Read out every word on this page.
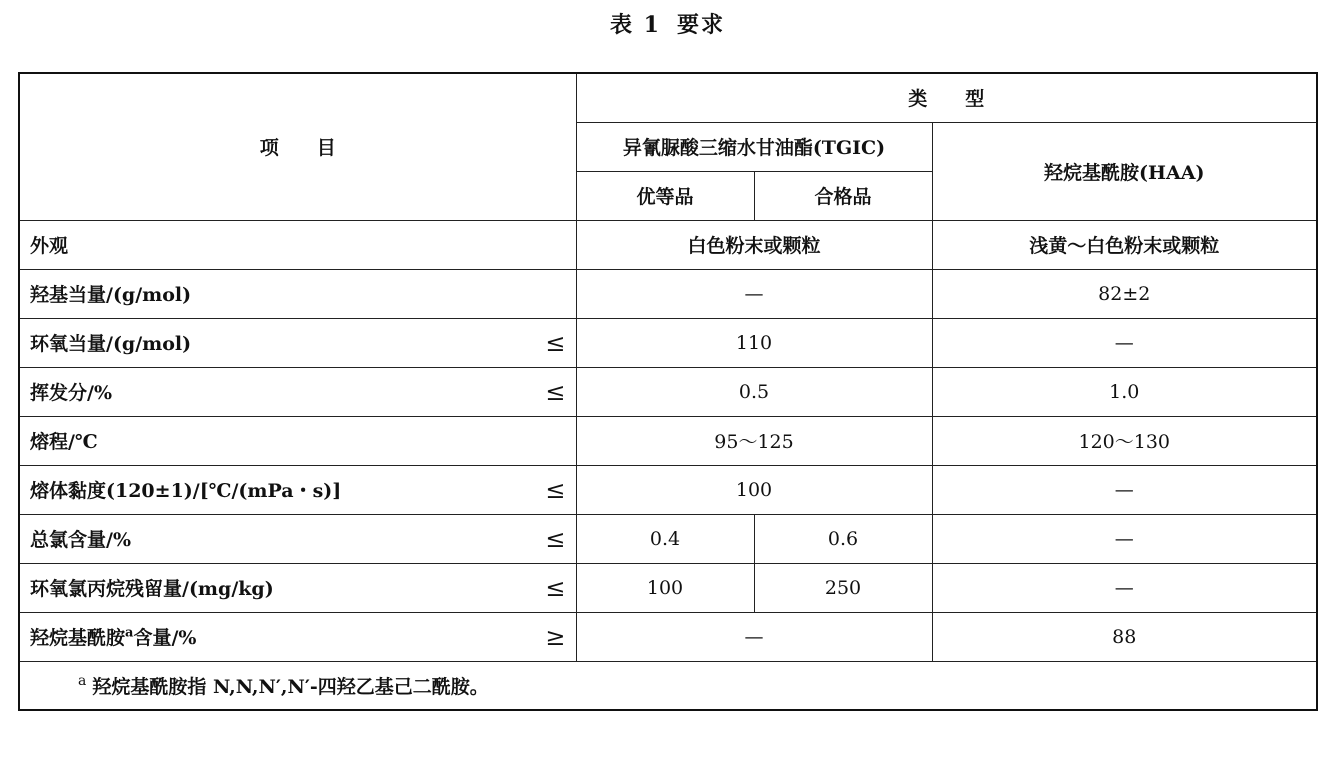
表 1 要求
项　　目	类　　型		
	异氰脲酸三缩水甘油酯(TGIC)		羟烷基酰胺(HAA)
	优等品	合格品	
外观	白色粉末或颗粒		浅黄～白色粉末或颗粒
羟基当量/(g/mol)	—		82±2
环氧当量/(g/mol) ≤	110		—
挥发分/% ≤	0.5		1.0
熔程/℃	95～125		120～130
熔体黏度(120±1)/[℃/(mPa・s)] ≤	100		—
总氯含量/% ≤	0.4	0.6	—
环氧氯丙烷残留量/(mg/kg) ≤	100	250	—
羟烷基酰胺$^a$含量/% ≥	—		88
$^a$ 羟烷基酰胺指 N,N,N′,N′-四羟乙基己二酰胺。			
